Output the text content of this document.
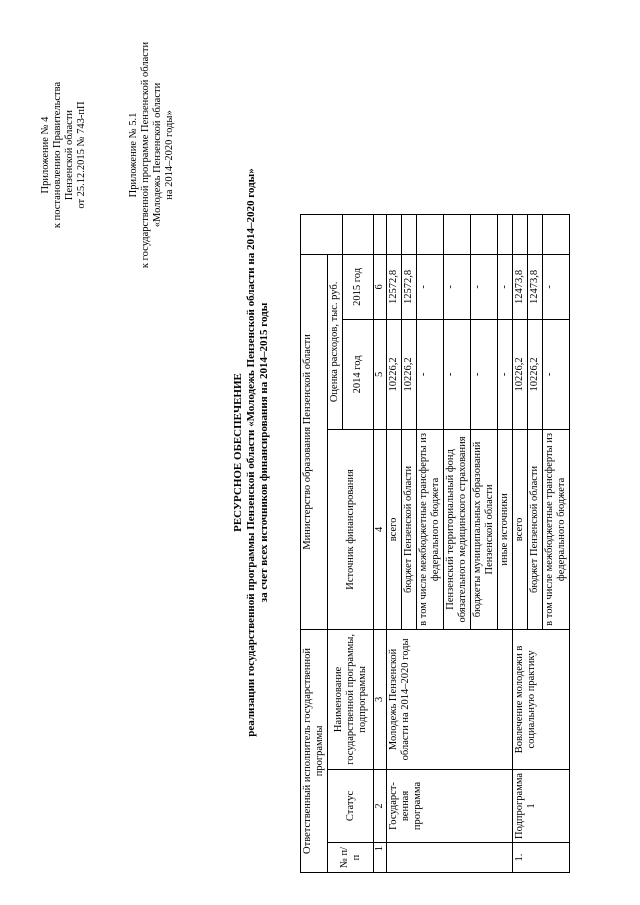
Приложение № 4 к постановлению Правительства Пензенской области от 25.12.2015 № 743-пП	Приложение № 5.1 к государственной программе Пензенской области «Молодежь Пензенской области на 2014–2020 годы»
РЕСУРСНОЕ ОБЕСПЕЧЕНИЕ реализации государственной программы Пензенской области «Молодежь Пензенской области на 2014–2020 годы» за счет всех источников финансирования на 2014–2015 годы
Ответственный исполнитель государственной программы			Министерство образования Пензенской области			
№ п/п	Статус	Наименование государственной программы, подпрограммы	Источник финансирования	Оценка расходов, тыс. руб.		
				2014 год	2015 год	
1	2	3	4	5	6	
	Государст-венная программа	Молодежь Пензенской области на 2014–2020 годы	всего	10226,2	12572,8	
			бюджет Пензенской области	10226,2	12572,8	
			в том числе межбюджетные трансферты из федерального бюджета	-	-	
			Пензенский территориальный фонд обязательного медицинского страхования	-	-	
			бюджеты муниципальных образований Пензенской области	-	-	
			иные источники	-	-	
1.	Подпрограмма 1	Вовлечение молодежи в социальную практику	всего	10226,2	12473,8	
			бюджет Пензенской области	10226,2	12473,8	
			в том числе межбюджетные трансферты из федерального бюджета	-	-	
